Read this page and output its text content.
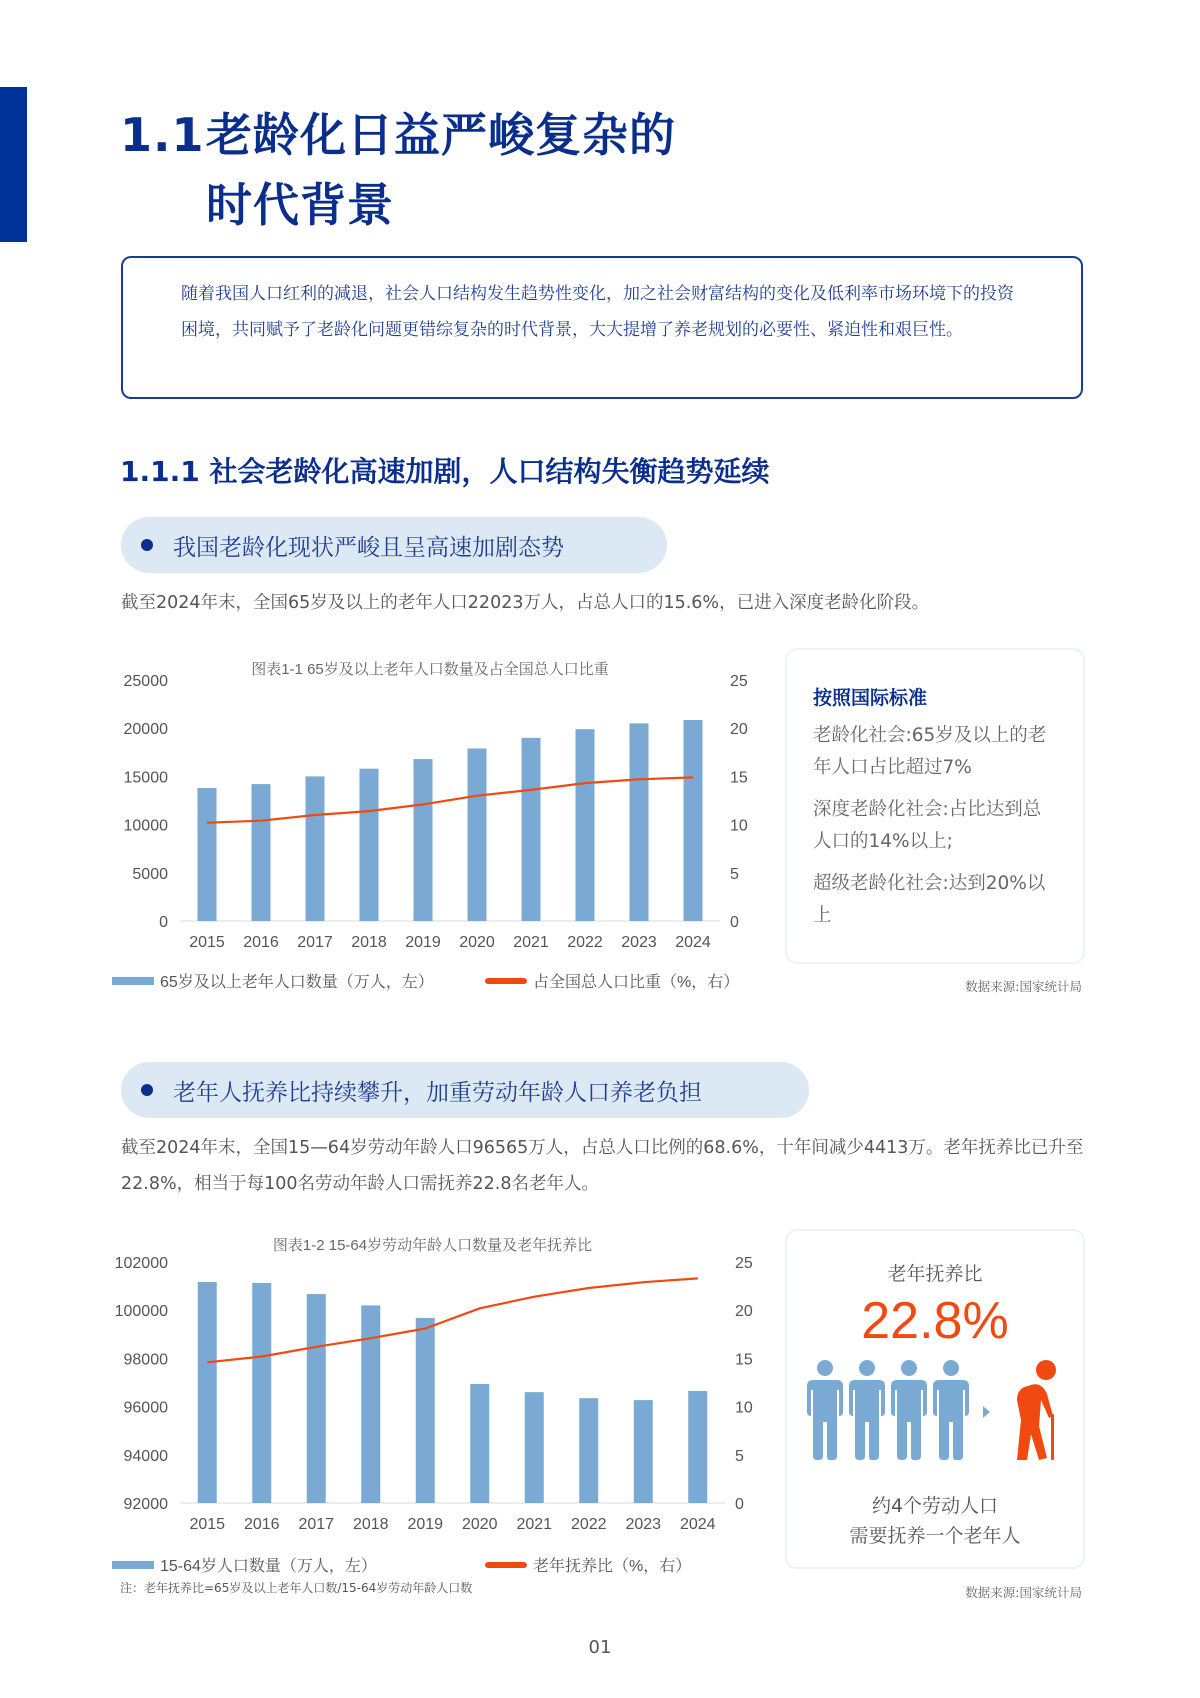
1.1老龄化日益严峻复杂的
时代背景

随着我国人口红利的减退，社会人口结构发生趋势性变化，加之社会财富结构的变化及低利率市场环境下的投资困境，共同赋予了老龄化问题更错综复杂的时代背景，大大提增了养老规划的必要性、紧迫性和艰巨性。

1.1.1 社会老龄化高速加剧，人口结构失衡趋势延续
我国老龄化现状严峻且呈高速加剧态势
截至2024年末，全国65岁及以上的老年人口22023万人，占总人口的15.6%，已进入深度老龄化阶段。
图表1-1 65岁及以上老年人口数量及占全国总人口比重
0
5000
10000
15000
20000
25000
0
5
10
15
20
25
2015 2016 2017 2018 2019 2020 2021 2022 2023 2024
65岁及以上老年人口数量（万人，左）	占全国总人口比重（%，右）
按照国际标准
老龄化社会:65岁及以上的老年人口占比超过7%
深度老龄化社会:占比达到总人口的14%以上;
超级老龄化社会:达到20%以上
数据来源:国家统计局
老年人抚养比持续攀升，加重劳动年龄人口养老负担
截至2024年末，全国15—64岁劳动年龄人口96565万人，占总人口比例的68.6%，十年间减少4413万。老年抚养比已升至22.8%，相当于每100名劳动年龄人口需抚养22.8名老年人。
图表1-2 15-64岁劳动年龄人口数量及老年抚养比
92000
94000
96000
98000
100000
102000
0
5
10
15
20
25
2015 2016 2017 2018 2019 2020 2021 2022 2023 2024
15-64岁人口数量（万人，左）	老年抚养比（%，右）
老年抚养比
22.8%
约4个劳动人口
需要抚养一个老年人
注：老年抚养比=65岁及以上老年人口数/15-64岁劳动年龄人口数	数据来源:国家统计局
01
